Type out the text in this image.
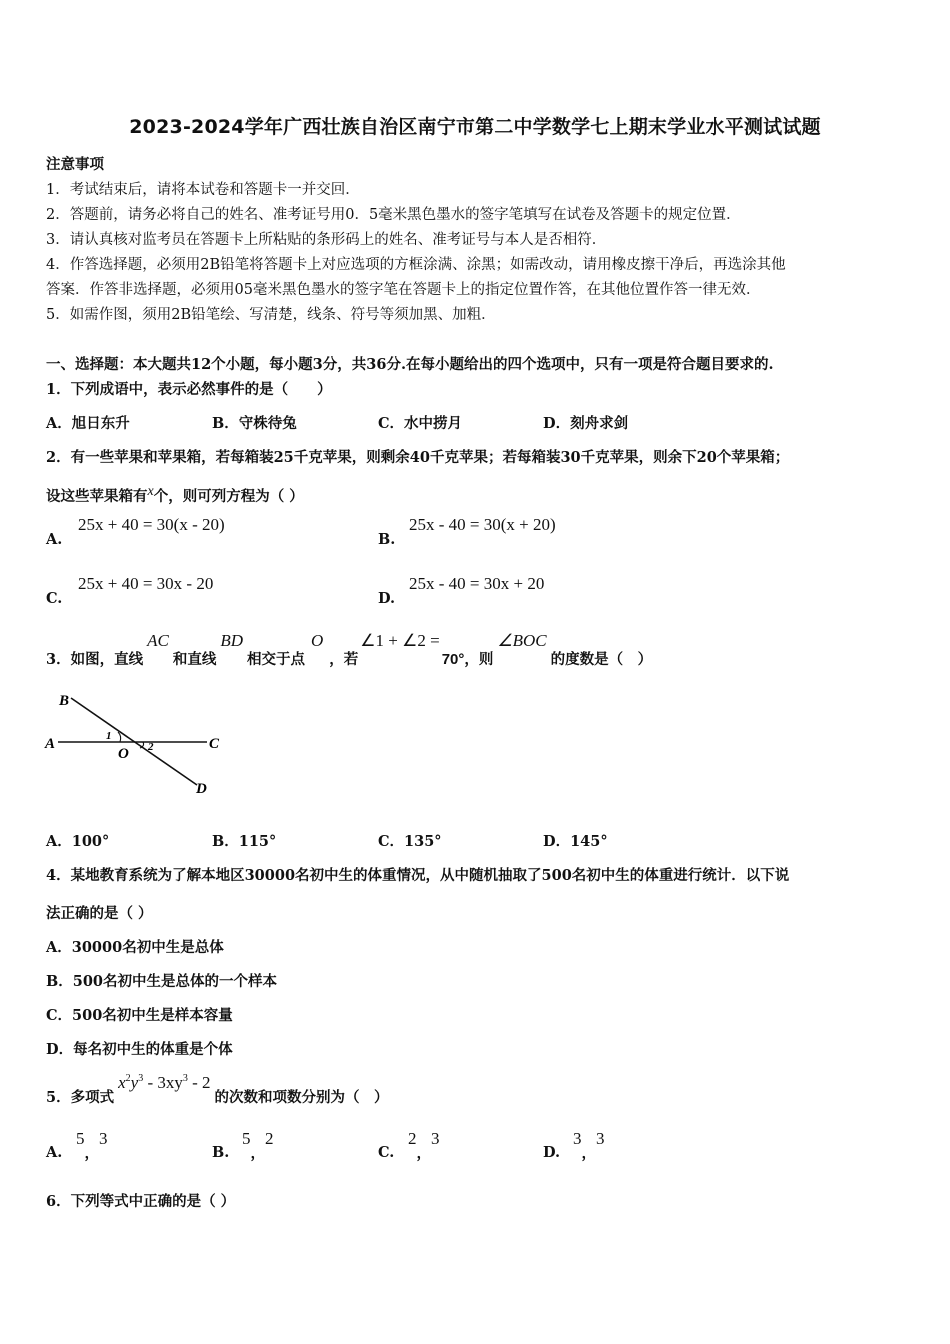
2023-2024学年广西壮族自治区南宁市第二中学数学七上期末学业水平测试试题
注意事项
1．考试结束后，请将本试卷和答题卡一并交回．
2．答题前，请务必将自己的姓名、准考证号用0．5毫米黑色墨水的签字笔填写在试卷及答题卡的规定位置．
3．请认真核对监考员在答题卡上所粘贴的条形码上的姓名、准考证号与本人是否相符．
4．作答选择题，必须用2B铅笔将答题卡上对应选项的方框涂满、涂黑；如需改动，请用橡皮擦干净后，再选涂其他
答案．作答非选择题，必须用05毫米黑色墨水的签字笔在答题卡上的指定位置作答，在其他位置作答一律无效．
5．如需作图，须用2B铅笔绘、写清楚，线条、符号等须加黑、加粗．
一、选择题：本大题共12个小题，每小题3分，共36分.在每小题给出的四个选项中，只有一项是符合题目要求的.
1．下列成语中，表示必然事件的是（　　）
A．旭日东升	B．守株待兔	C．水中捞月	D．刻舟求剑
2．有一些苹果和苹果箱，若每箱装25千克苹果，则剩余40千克苹果；若每箱装30千克苹果，则余下20个苹果箱；
设这些苹果箱有x个，则可列方程为（ ）
A.
25x + 40 = 30(x - 20)
B.
25x - 40 = 30(x + 20)
C.
25x + 40 = 30x - 20
D.
25x - 40 = 30x + 20
3．如图，直线AC和直线BD相交于点O，若∠1 + ∠2 =70°，则∠BOC的度数是（　）
B
A
O
C
D
1
2
A．100°	B．115°	C．135°	D．145°
4．某地教育系统为了解本地区30000名初中生的体重情况，从中随机抽取了500名初中生的体重进行统计．以下说
法正确的是（ ）
A．30000名初中生是总体
B．500名初中生是总体的一个样本
C．500名初中生是样本容量
D．每名初中生的体重是个体
5．多项式$x^2y^3 - 3xy^3 - 2$的次数和项数分别为（　）
A.
5，3
B.
5，2
C.
2，3
D.
3，3
6．下列等式中正确的是（ ）
